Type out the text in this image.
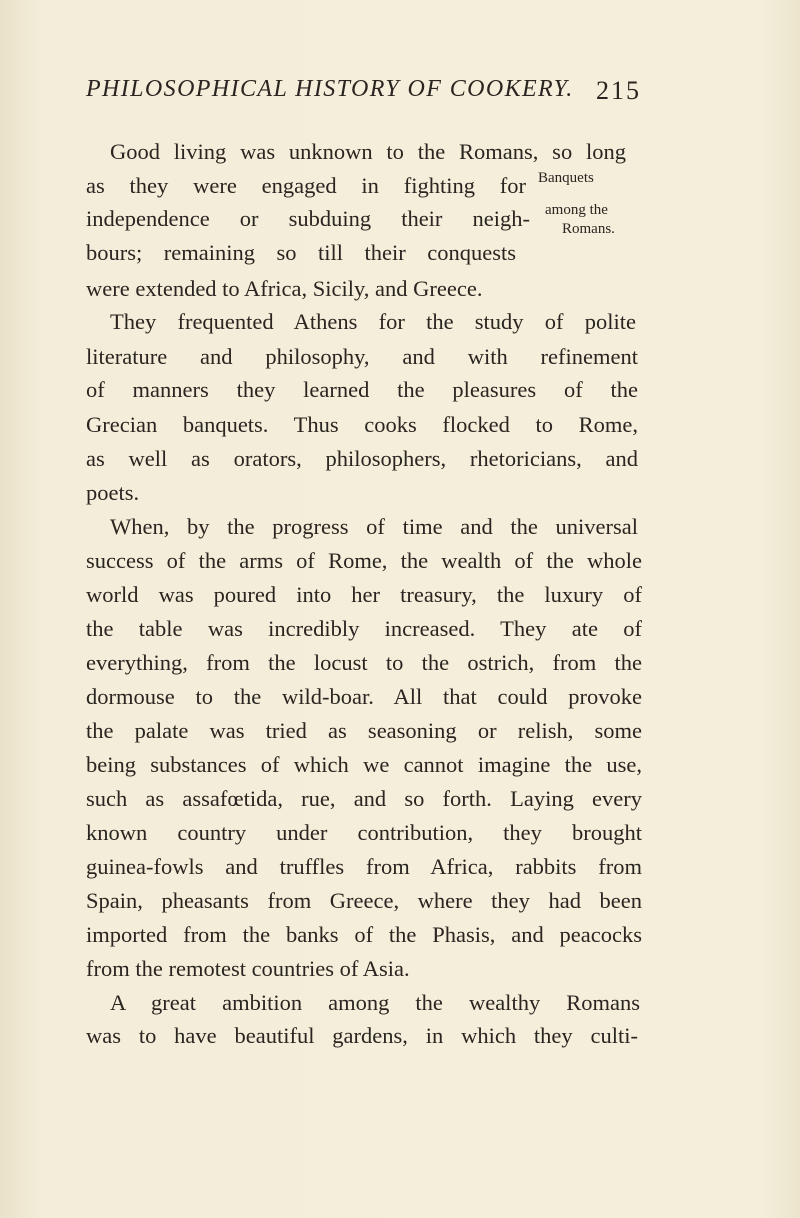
PHILOSOPHICAL HISTORY OF COOKERY. 215
Banquets
among the
Romans.
Good living was unknown to the Romans, so long
as they were engaged in fighting for
independence or subduing their neigh-
bours; remaining so till their conquests
were extended to Africa, Sicily, and Greece.
They frequented Athens for the study of polite
literature and philosophy, and with refinement
of manners they learned the pleasures of the
Grecian banquets. Thus cooks flocked to Rome,
as well as orators, philosophers, rhetoricians, and
poets.
When, by the progress of time and the universal
success of the arms of Rome, the wealth of the whole
world was poured into her treasury, the luxury of
the table was incredibly increased. They ate of
everything, from the locust to the ostrich, from the
dormouse to the wild-boar. All that could provoke
the palate was tried as seasoning or relish, some
being substances of which we cannot imagine the use,
such as assafœtida, rue, and so forth. Laying every
known country under contribution, they brought
guinea-fowls and truffles from Africa, rabbits from
Spain, pheasants from Greece, where they had been
imported from the banks of the Phasis, and peacocks
from the remotest countries of Asia.
A great ambition among the wealthy Romans
was to have beautiful gardens, in which they culti-
